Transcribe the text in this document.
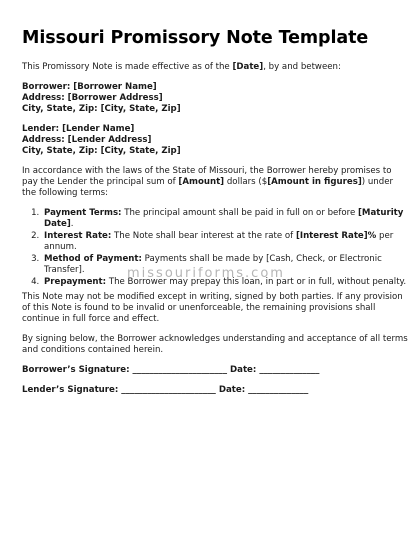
Missouri Promissory Note Template

This Promissory Note is made effective as of the [Date], by and between:

Borrower: [Borrower Name]
Address: [Borrower Address]
City, State, Zip: [City, State, Zip]
Lender: [Lender Name]
Address: [Lender Address]
City, State, Zip: [City, State, Zip]

In accordance with the laws of the State of Missouri, the Borrower hereby promises to pay the Lender the principal sum of [Amount] dollars ($[Amount in figures]) under the following terms:

1. Payment Terms: The principal amount shall be paid in full on or before [Maturity Date].
2. Interest Rate: The Note shall bear interest at the rate of [Interest Rate]% per annum.
3. Method of Payment: Payments shall be made by [Cash, Check, or Electronic Transfer].
4. Prepayment: The Borrower may prepay this loan, in part or in full, without penalty.

This Note may not be modified except in writing, signed by both parties. If any provision of this Note is found to be invalid or unenforceable, the remaining provisions shall continue in full force and effect.

By signing below, the Borrower acknowledges understanding and acceptance of all terms and conditions contained herein.

Borrower’s Signature: ______________________ Date: ______________
Lender’s Signature: ______________________ Date: ______________
missouriforms.com
